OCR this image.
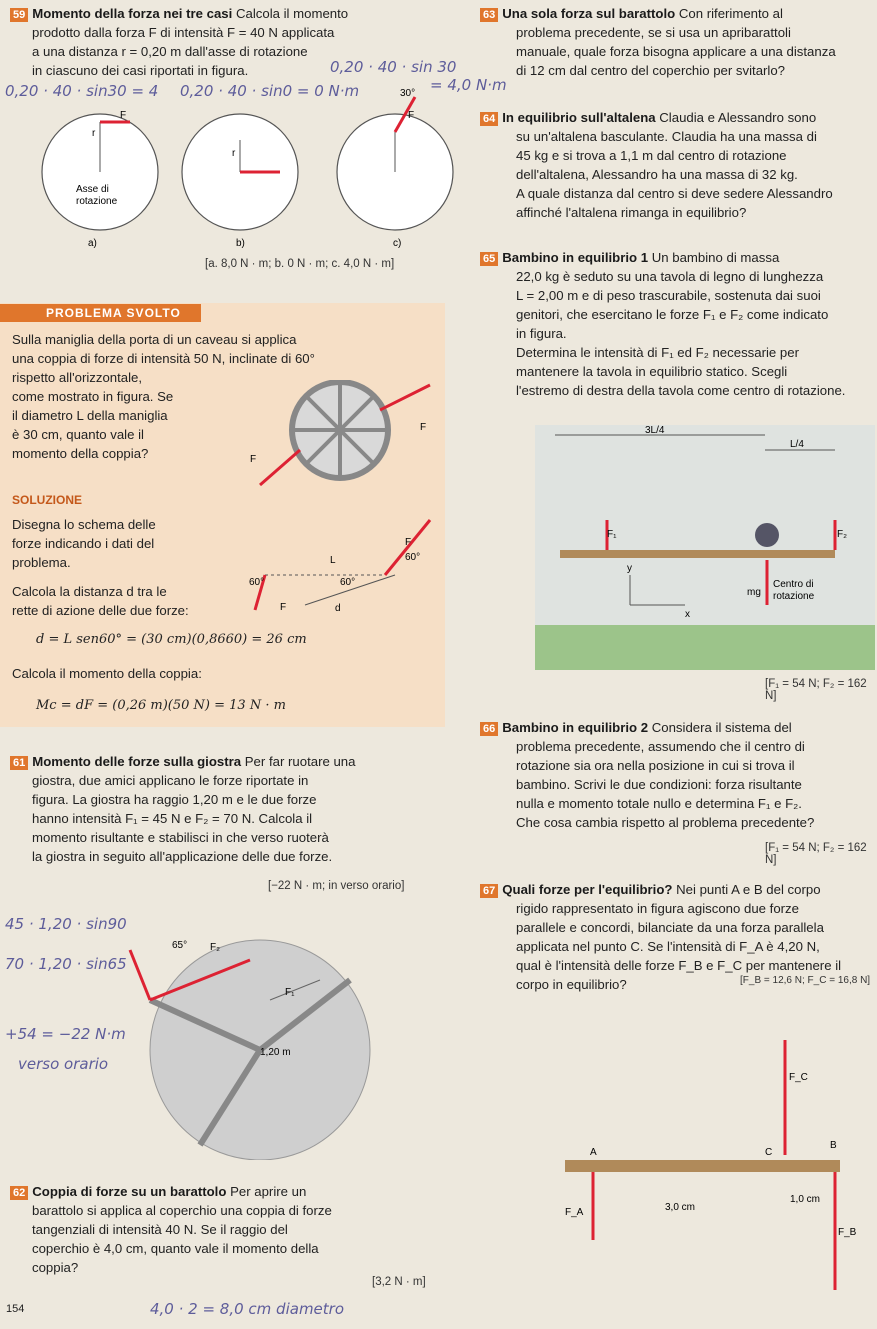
59 Momento della forza nei tre casi Calcola il momento
prodotto dalla forza F di intensità F = 40 N applicata
a una distanza r = 0,20 m dall'asse di rotazione
in ciascuno dei casi riportati in figura.
r
F
r
F
30°
Asse di
rotazione
a)	b)	c)
[a. 8,0 N · m; b. 0 N · m; c. 4,0 N · m]
PROBLEMA SVOLTO
Sulla maniglia della porta di un caveau si applica
una coppia di forze di intensità 50 N, inclinate di 60°
rispetto all'orizzontale,
come mostrato in figura. Se
il diametro L della maniglia
è 30 cm, quanto vale il
momento della coppia?
F
F
SOLUZIONE
Disegna lo schema delle
forze indicando i dati del
problema.
Calcola la distanza d tra le
rette di azione delle due forze:
L
F
F	d
60°	60°
60°
d = L sen60° = (30 cm)(0,8660) = 26 cm
Calcola il momento della coppia:
Mc = dF = (0,26 m)(50 N) = 13 N · m
61 Momento delle forze sulla giostra Per far ruotare una
giostra, due amici applicano le forze riportate in
figura. La giostra ha raggio 1,20 m e le due forze
hanno intensità F₁ = 45 N e F₂ = 70 N. Calcola il
momento risultante e stabilisci in che verso ruoterà
la giostra in seguito all'applicazione delle due forze.
[−22 N · m; in verso orario]
65° F₂
F₁
1,20 m
62 Coppia di forze su un barattolo Per aprire un
barattolo si applica al coperchio una coppia di forze
tangenziali di intensità 40 N. Se il raggio del
coperchio è 4,0 cm, quanto vale il momento della
coppia?
[3,2 N · m]
154
63 Una sola forza sul barattolo Con riferimento al
problema precedente, se si usa un apribarattoli
manuale, quale forza bisogna applicare a una distanza
di 12 cm dal centro del coperchio per svitarlo?
64 In equilibrio sull'altalena Claudia e Alessandro sono
su un'altalena basculante. Claudia ha una massa di
45 kg e si trova a 1,1 m dal centro di rotazione
dell'altalena, Alessandro ha una massa di 32 kg.
A quale distanza dal centro si deve sedere Alessandro
affinché l'altalena rimanga in equilibrio?
65 Bambino in equilibrio 1 Un bambino di massa
22,0 kg è seduto su una tavola di legno di lunghezza
L = 2,00 m e di peso trascurabile, sostenuta dai suoi
genitori, che esercitano le forze F₁ e F₂ come indicato
in figura.
Determina le intensità di F₁ ed F₂ necessarie per
mantenere la tavola in equilibrio statico. Scegli
l'estremo di destra della tavola come centro di rotazione.
3L/4
L/4
F₁	F₂
mg
Centro di
rotazione
y
x
[F₁ = 54 N; F₂ = 162 N]
66 Bambino in equilibrio 2 Considera il sistema del
problema precedente, assumendo che il centro di
rotazione sia ora nella posizione in cui si trova il
bambino. Scrivi le due condizioni: forza risultante
nulla e momento totale nullo e determina F₁ e F₂.
Che cosa cambia rispetto al problema precedente?
[F₁ = 54 N; F₂ = 162 N]
67 Quali forze per l'equilibrio? Nei punti A e B del corpo
rigido rappresentato in figura agiscono due forze
parallele e concordi, bilanciate da una forza parallela
applicata nel punto C. Se l'intensità di F_A è 4,20 N,
qual è l'intensità delle forze F_B e F_C per mantenere il
corpo in equilibrio?	[F_B = 12,6 N; F_C = 16,8 N]
F_C
A	C
B
F_A
F_B
3,0 cm
1,0 cm
0,20 · 40 · sin30 = 4 0,20 · 40 · sin0 = 0 N·m
0,20 · 40 · sin 30
= 4,0 N·m
45 · 1,20 · sin90
70 · 1,20 · sin65
+54 = −22 N·m
verso orario
4,0 · 2 = 8,0 cm diametro
